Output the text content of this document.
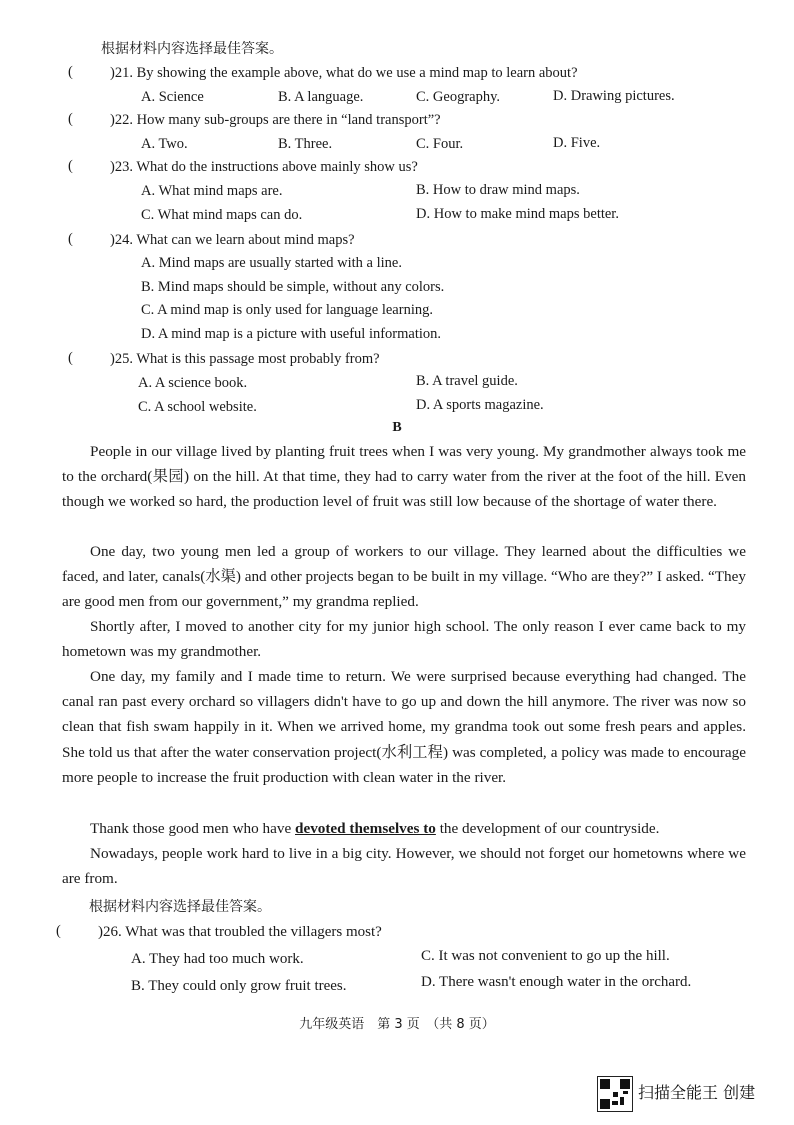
根据材料内容选择最佳答案。
(	)21. By showing the example above, what do we use a mind map to learn about?
A. Science	B. A language.	C. Geography.	D. Drawing pictures.
(	)22. How many sub-groups are there in “land transport”?
A. Two.	B. Three.	C. Four.	D. Five.
(	)23. What do the instructions above mainly show us?
A. What mind maps are.	B. How to draw mind maps.
C. What mind maps can do.	D. How to make mind maps better.
(	)24. What can we learn about mind maps?
A. Mind maps are usually started with a line.
B. Mind maps should be simple, without any colors.
C. A mind map is only used for language learning.
D. A mind map is a picture with useful information.
(	)25. What is this passage most probably from?
A. A science book.	B. A travel guide.
C. A school website.	D. A sports magazine.
B
People in our village lived by planting fruit trees when I was very young. My grandmother always took me to the orchard(果园) on the hill. At that time, they had to carry water from the river at the foot of the hill. Even though we worked so hard, the production level of fruit was still low because of the shortage of water there.
One day, two young men led a group of workers to our village. They learned about the difficulties we faced, and later, canals(水渠) and other projects began to be built in my village. “Who are they?” I asked. “They are good men from our government,” my grandma replied.
Shortly after, I moved to another city for my junior high school. The only reason I ever came back to my hometown was my grandmother.
One day, my family and I made time to return. We were surprised because everything had changed. The canal ran past every orchard so villagers didn't have to go up and down the hill anymore. The river was now so clean that fish swam happily in it. When we arrived home, my grandma took out some fresh pears and apples. She told us that after the water conservation project(水利工程) was completed, a policy was made to encourage more people to increase the fruit production with clean water in the river.
Thank those good men who have devoted themselves to the development of our countryside.
Nowadays, people work hard to live in a big city. However, we should not forget our hometowns where we are from.
根据材料内容选择最佳答案。
( )26. What was that troubled the villagers most?
A. They had too much work.	C. It was not convenient to go up the hill.
B. They could only grow fruit trees.	D. There wasn't enough water in the orchard.
九年级英语　第 3 页　（共 8 页）
扫描全能王 创建
